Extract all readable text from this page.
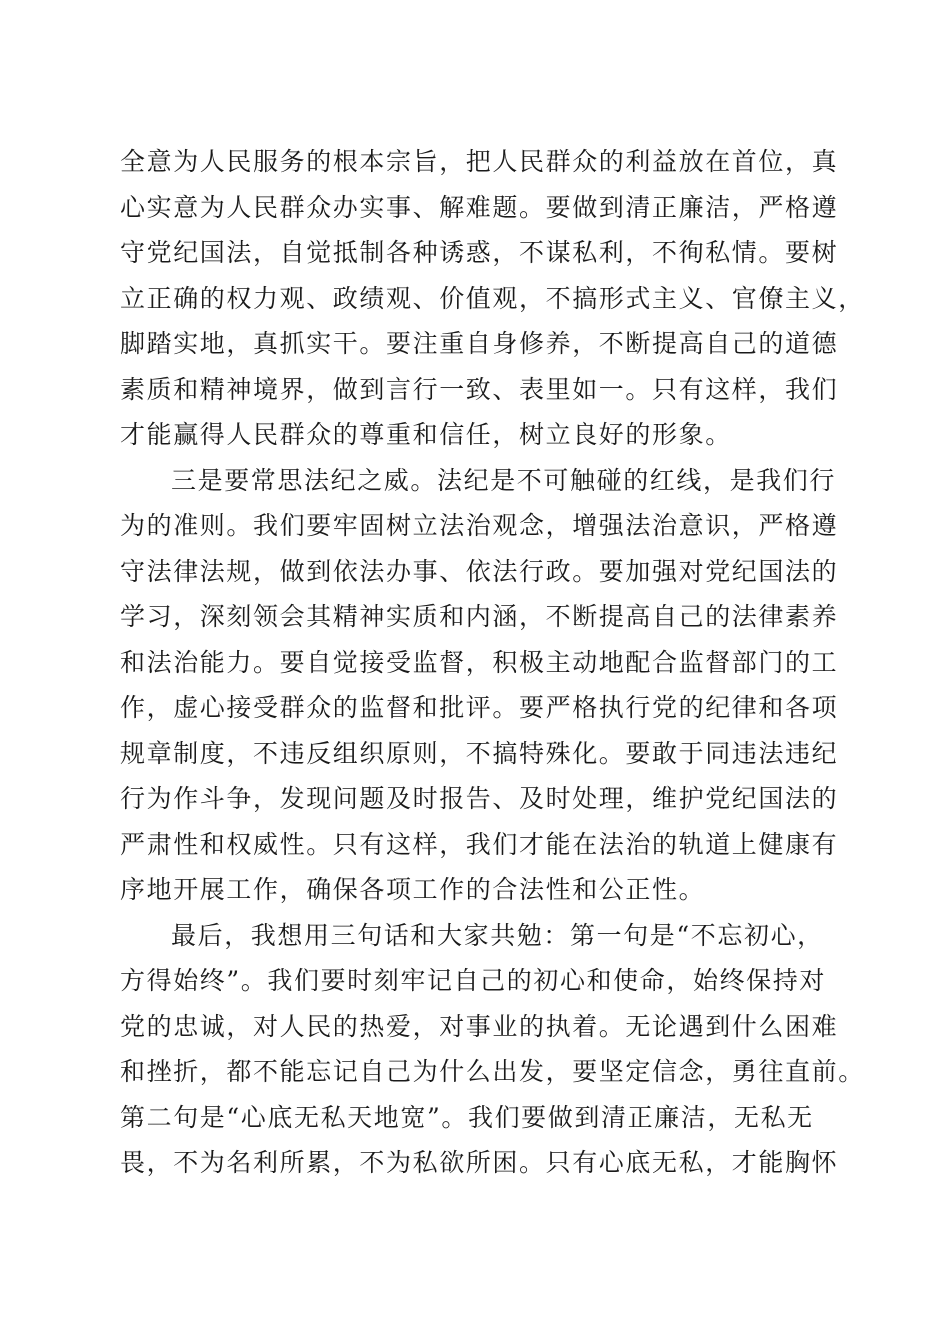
全意为人民服务的根本宗旨，把人民群众的利益放在首位，真
心实意为人民群众办实事、解难题。要做到清正廉洁，严格遵
守党纪国法，自觉抵制各种诱惑，不谋私利，不徇私情。要树
立正确的权力观、政绩观、价值观，不搞形式主义、官僚主义，
脚踏实地，真抓实干。要注重自身修养，不断提高自己的道德
素质和精神境界，做到言行一致、表里如一。只有这样，我们
才能赢得人民群众的尊重和信任，树立良好的形象。
三是要常思法纪之威。法纪是不可触碰的红线，是我们行
为的准则。我们要牢固树立法治观念，增强法治意识，严格遵
守法律法规，做到依法办事、依法行政。要加强对党纪国法的
学习，深刻领会其精神实质和内涵，不断提高自己的法律素养
和法治能力。要自觉接受监督，积极主动地配合监督部门的工
作，虚心接受群众的监督和批评。要严格执行党的纪律和各项
规章制度，不违反组织原则，不搞特殊化。要敢于同违法违纪
行为作斗争，发现问题及时报告、及时处理，维护党纪国法的
严肃性和权威性。只有这样，我们才能在法治的轨道上健康有
序地开展工作，确保各项工作的合法性和公正性。
最后，我想用三句话和大家共勉：第一句是“不忘初心，
方得始终”。我们要时刻牢记自己的初心和使命，始终保持对
党的忠诚，对人民的热爱，对事业的执着。无论遇到什么困难
和挫折，都不能忘记自己为什么出发，要坚定信念，勇往直前。
第二句是“心底无私天地宽”。我们要做到清正廉洁，无私无
畏，不为名利所累，不为私欲所困。只有心底无私，才能胸怀
